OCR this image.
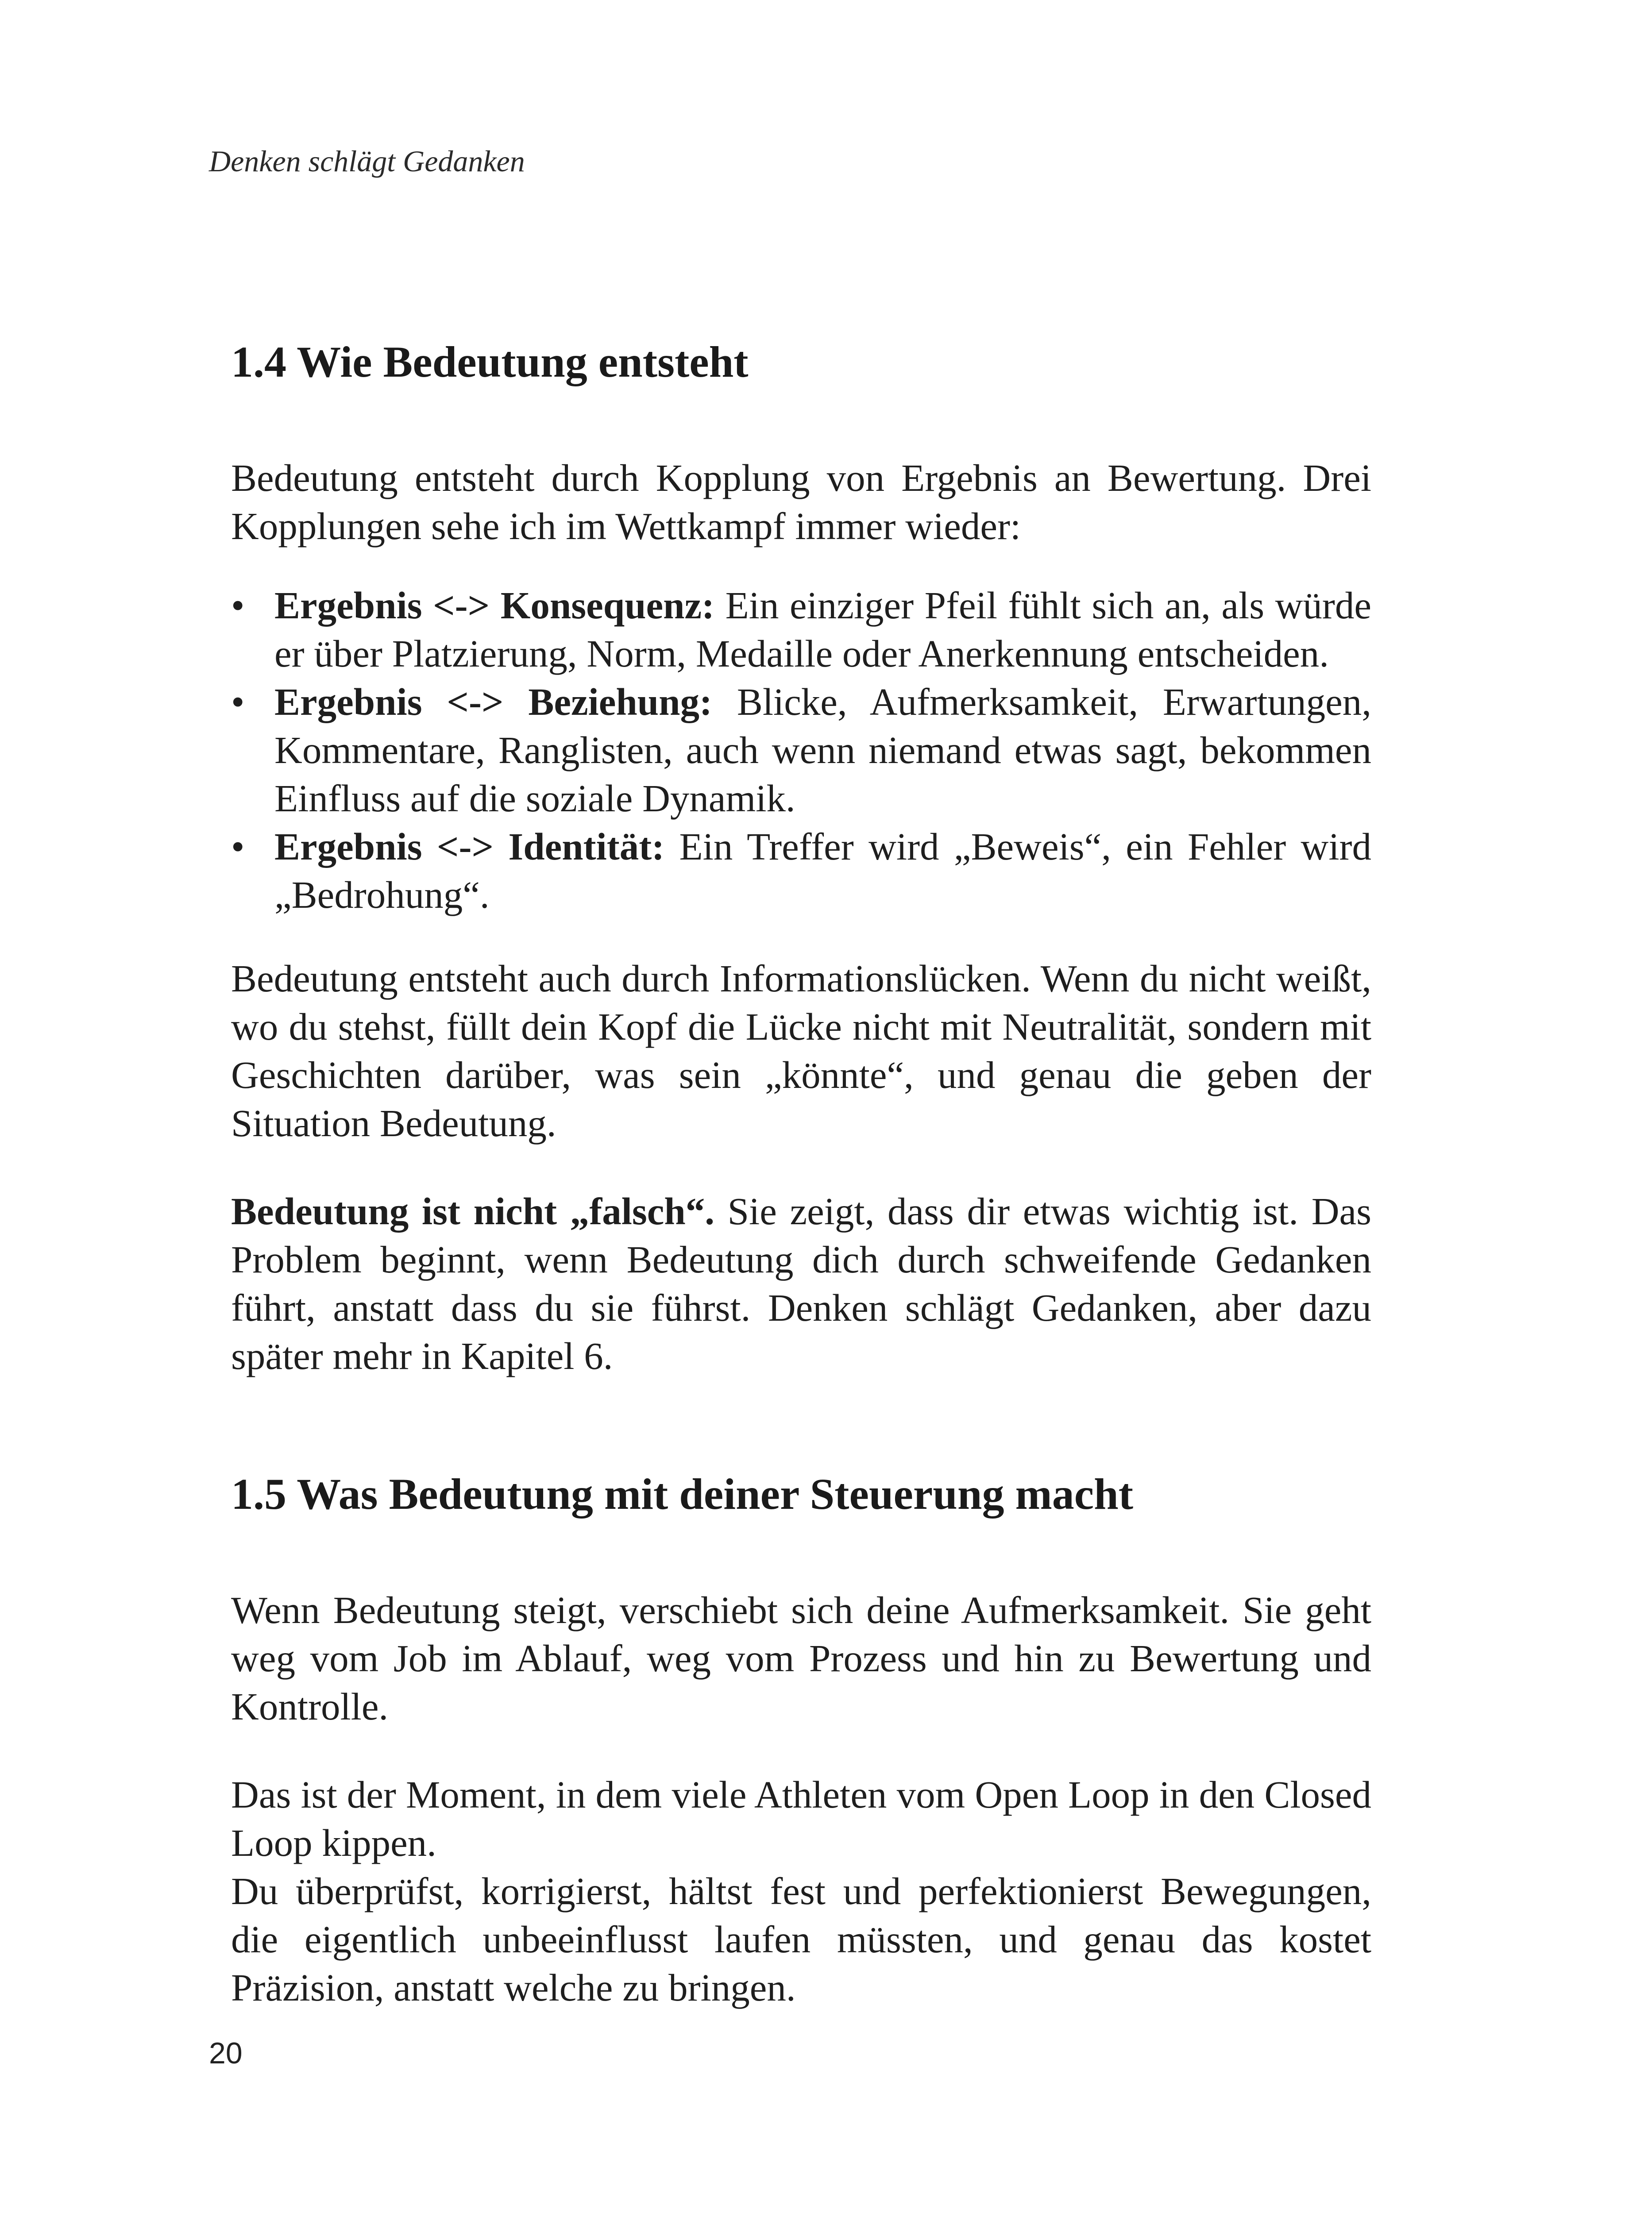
Denken schlägt Gedanken
1.4 Wie Bedeutung entsteht

Bedeutung entsteht durch Kopplung von Ergebnis an Bewertung. Drei Kopplungen sehe ich im Wettkampf immer wieder:

• Ergebnis <-> Konsequenz: Ein einziger Pfeil fühlt sich an, als würde er über Platzierung, Norm, Medaille oder Anerkennung entscheiden.
• Ergebnis <-> Beziehung: Blicke, Aufmerksamkeit, Erwartungen, Kommentare, Ranglisten, auch wenn niemand etwas sagt, bekommen Einfluss auf die soziale Dynamik.
• Ergebnis <-> Identität: Ein Treffer wird „Beweis“, ein Fehler wird „Bedrohung“.

Bedeutung entsteht auch durch Informationslücken. Wenn du nicht weißt, wo du stehst, füllt dein Kopf die Lücke nicht mit Neutralität, sondern mit Geschichten darüber, was sein „könnte“, und genau die geben der Situation Bedeutung.

Bedeutung ist nicht „falsch“. Sie zeigt, dass dir etwas wichtig ist. Das Problem beginnt, wenn Bedeutung dich durch schweifende Gedanken führt, anstatt dass du sie führst. Denken schlägt Gedanken, aber dazu später mehr in Kapitel 6.

1.5 Was Bedeutung mit deiner Steuerung macht

Wenn Bedeutung steigt, verschiebt sich deine Aufmerksamkeit. Sie geht weg vom Job im Ablauf, weg vom Prozess und hin zu Bewertung und Kontrolle.

Das ist der Moment, in dem viele Athleten vom Open Loop in den Closed Loop kippen.

Du überprüfst, korrigierst, hältst fest und perfektionierst Bewegungen, die eigentlich unbeeinflusst laufen müssten, und genau das kostet Präzision, anstatt welche zu bringen.

20
